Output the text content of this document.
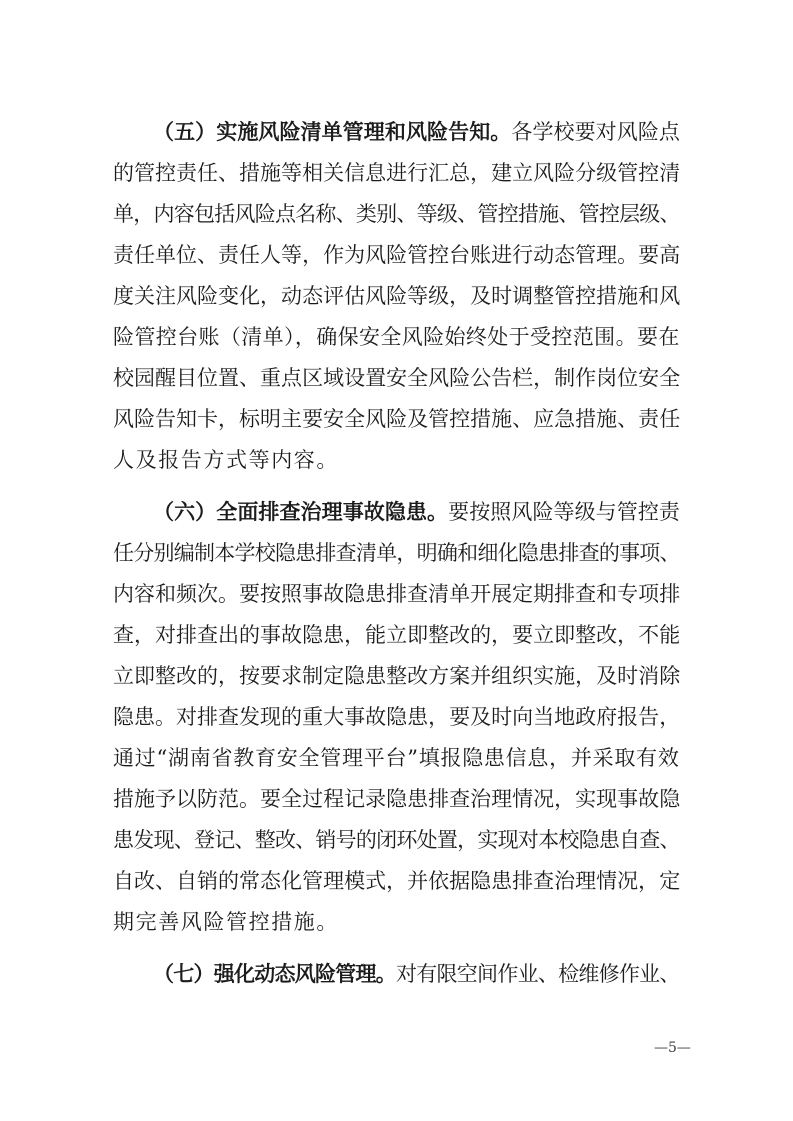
（五）实施风险清单管理和风险告知。各学校要对风险点
的管控责任、措施等相关信息进行汇总，建立风险分级管控清
单，内容包括风险点名称、类别、等级、管控措施、管控层级、
责任单位、责任人等，作为风险管控台账进行动态管理。要高
度关注风险变化，动态评估风险等级，及时调整管控措施和风
险管控台账（清单），确保安全风险始终处于受控范围。要在
校园醒目位置、重点区域设置安全风险公告栏，制作岗位安全
风险告知卡，标明主要安全风险及管控措施、应急措施、责任
人及报告方式等内容。
（六）全面排查治理事故隐患。要按照风险等级与管控责
任分别编制本学校隐患排查清单，明确和细化隐患排查的事项、
内容和频次。要按照事故隐患排查清单开展定期排查和专项排
查，对排查出的事故隐患，能立即整改的，要立即整改，不能
立即整改的，按要求制定隐患整改方案并组织实施，及时消除
隐患。对排查发现的重大事故隐患，要及时向当地政府报告，
通过“湖南省教育安全管理平台”填报隐患信息，并采取有效
措施予以防范。要全过程记录隐患排查治理情况，实现事故隐
患发现、登记、整改、销号的闭环处置，实现对本校隐患自查、
自改、自销的常态化管理模式，并依据隐患排查治理情况，定
期完善风险管控措施。
（七）强化动态风险管理。对有限空间作业、检维修作业、
—5—
